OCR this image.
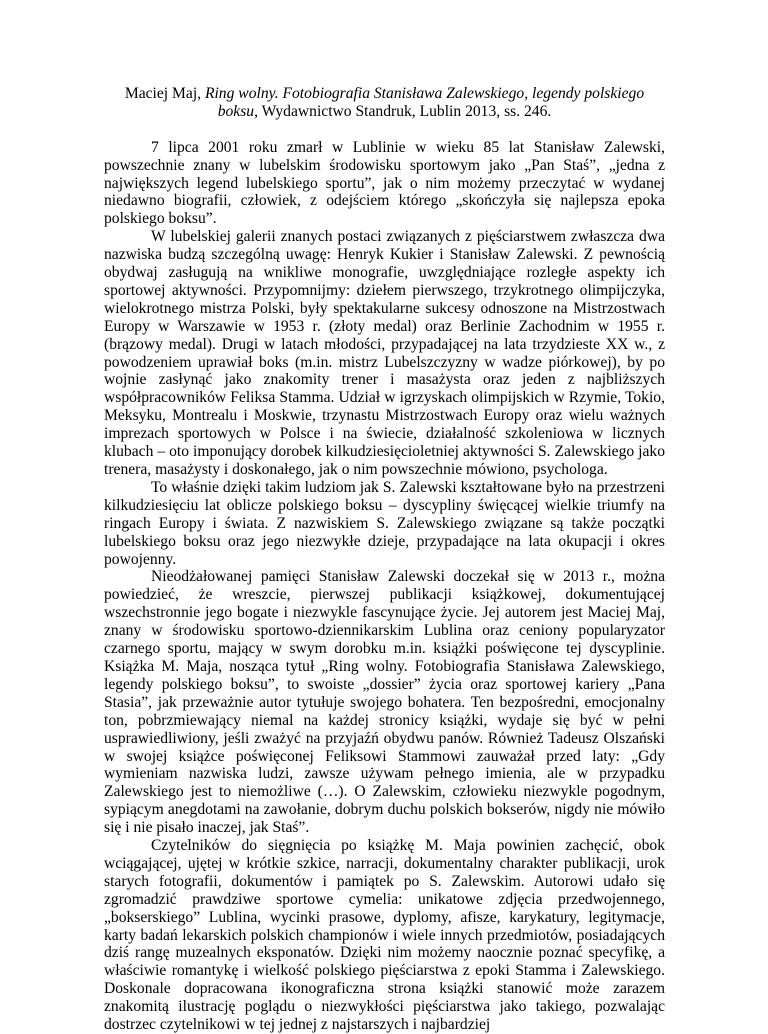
Maciej Maj, Ring wolny. Fotobiografia Stanisława Zalewskiego, legendy polskiego boksu, Wydawnictwo Standruk, Lublin 2013, ss. 246.

7 lipca 2001 roku zmarł w Lublinie w wieku 85 lat Stanisław Zalewski, powszechnie znany w lubelskim środowisku sportowym jako „Pan Staś”, „jedna z największych legend lubelskiego sportu”, jak o nim możemy przeczytać w wydanej niedawno biografii, człowiek, z odejściem którego „skończyła się najlepsza epoka polskiego boksu”.

W lubelskiej galerii znanych postaci związanych z pięściarstwem zwłaszcza dwa nazwiska budzą szczególną uwagę: Henryk Kukier i Stanisław Zalewski. Z pewnością obydwaj zasługują na wnikliwe monografie, uwzględniające rozległe aspekty ich sportowej aktywności. Przypomnijmy: dziełem pierwszego, trzykrotnego olimpijczyka, wielokrotnego mistrza Polski, były spektakularne sukcesy odnoszone na Mistrzostwach Europy w Warszawie w 1953 r. (złoty medal) oraz Berlinie Zachodnim w 1955 r. (brązowy medal). Drugi w latach młodości, przypadającej na lata trzydzieste XX w., z powodzeniem uprawiał boks (m.in. mistrz Lubelszczyzny w wadze piórkowej), by po wojnie zasłynąć jako znakomity trener i masażysta oraz jeden z najbliższych współpracowników Feliksa Stamma. Udział w igrzyskach olimpijskich w Rzymie, Tokio, Meksyku, Montrealu i Moskwie, trzynastu Mistrzostwach Europy oraz wielu ważnych imprezach sportowych w Polsce i na świecie, działalność szkoleniowa w licznych klubach – oto imponujący dorobek kilkudziesięcioletniej aktywności S. Zalewskiego jako trenera, masażysty i doskonałego, jak o nim powszechnie mówiono, psychologa.

To właśnie dzięki takim ludziom jak S. Zalewski kształtowane było na przestrzeni kilkudziesięciu lat oblicze polskiego boksu – dyscypliny święcącej wielkie triumfy na ringach Europy i świata. Z nazwiskiem S. Zalewskiego związane są także początki lubelskiego boksu oraz jego niezwykłe dzieje, przypadające na lata okupacji i okres powojenny.

Nieodżałowanej pamięci Stanisław Zalewski doczekał się w 2013 r., można powiedzieć, że wreszcie, pierwszej publikacji książkowej, dokumentującej wszechstronnie jego bogate i niezwykle fascynujące życie. Jej autorem jest Maciej Maj, znany w środowisku sportowo-dziennikarskim Lublina oraz ceniony popularyzator czarnego sportu, mający w swym dorobku m.in. książki poświęcone tej dyscyplinie. Książka M. Maja, nosząca tytuł „Ring wolny. Fotobiografia Stanisława Zalewskiego, legendy polskiego boksu”, to swoiste „dossier” życia oraz sportowej kariery „Pana Stasia”, jak przeważnie autor tytułuje swojego bohatera. Ten bezpośredni, emocjonalny ton, pobrzmiewający niemal na każdej stronicy książki, wydaje się być w pełni usprawiedliwiony, jeśli zważyć na przyjaźń obydwu panów. Również Tadeusz Olszański w swojej książce poświęconej Feliksowi Stammowi zauważał przed laty: „Gdy wymieniam nazwiska ludzi, zawsze używam pełnego imienia, ale w przypadku Zalewskiego jest to niemożliwe (…). O Zalewskim, człowieku niezwykle pogodnym, sypiącym anegdotami na zawołanie, dobrym duchu polskich bokserów, nigdy nie mówiło się i nie pisało inaczej, jak Staś”.

Czytelników do sięgnięcia po książkę M. Maja powinien zachęcić, obok wciągającej, ujętej w krótkie szkice, narracji, dokumentalny charakter publikacji, urok starych fotografii, dokumentów i pamiątek po S. Zalewskim. Autorowi udało się zgromadzić prawdziwe sportowe cymelia: unikatowe zdjęcia przedwojennego, „bokserskiego” Lublina, wycinki prasowe, dyplomy, afisze, karykatury, legitymacje, karty badań lekarskich polskich championów i wiele innych przedmiotów, posiadających dziś rangę muzealnych eksponatów. Dzięki nim możemy naocznie poznać specyfikę, a właściwie romantykę i wielkość polskiego pięściarstwa z epoki Stamma i Zalewskiego. Doskonale dopracowana ikonograficzna strona książki stanowić może zarazem znakomitą ilustrację poglądu o niezwykłości pięściarstwa jako takiego, pozwalając dostrzec czytelnikowi w tej jednej z najstarszych i najbardziej
